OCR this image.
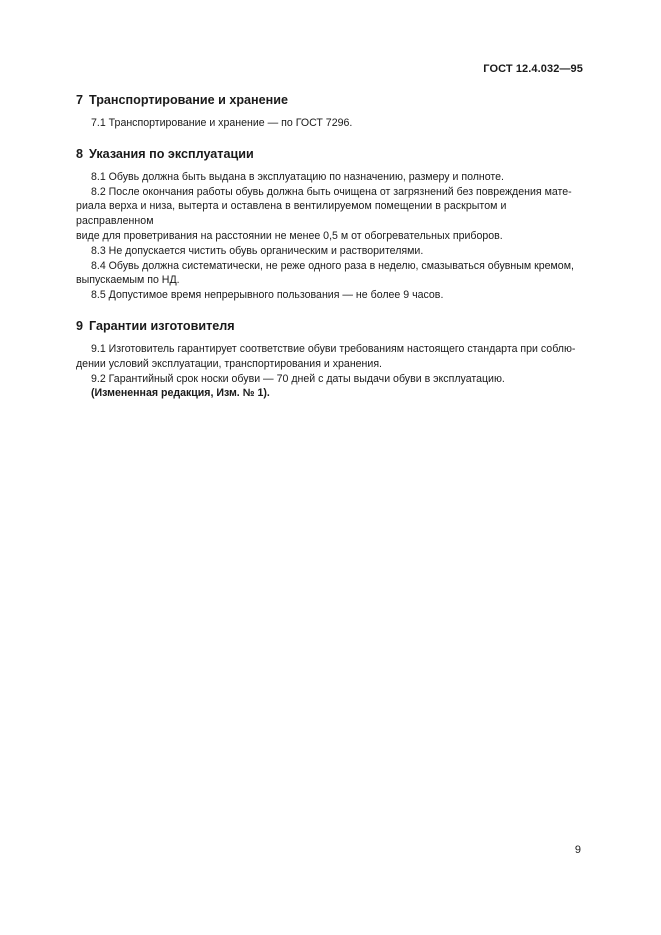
ГОСТ 12.4.032—95
7 Транспортирование и хранение

7.1 Транспортирование и хранение — по ГОСТ 7296.

8 Указания по эксплуатации
8.1 Обувь должна быть выдана в эксплуатацию по назначению, размеру и полноте.
8.2 После окончания работы обувь должна быть очищена от загрязнений без повреждения мате-
риала верха и низа, вытерта и оставлена в вентилируемом помещении в раскрытом и расправленном
виде для проветривания на расстоянии не менее 0,5 м от обогревательных приборов.
8.3 Не допускается чистить обувь органическим и растворителями.
8.4 Обувь должна систематически, не реже одного раза в неделю, смазываться обувным кремом,
выпускаемым по НД.
8.5 Допустимое время непрерывного пользования — не более 9 часов.
9 Гарантии изготовителя
9.1 Изготовитель гарантирует соответствие обуви требованиям настоящего стандарта при соблю-
дении условий эксплуатации, транспортирования и хранения.
9.2 Гарантийный срок носки обуви — 70 дней с даты выдачи обуви в эксплуатацию.
(Измененная редакция, Изм. № 1).
9
